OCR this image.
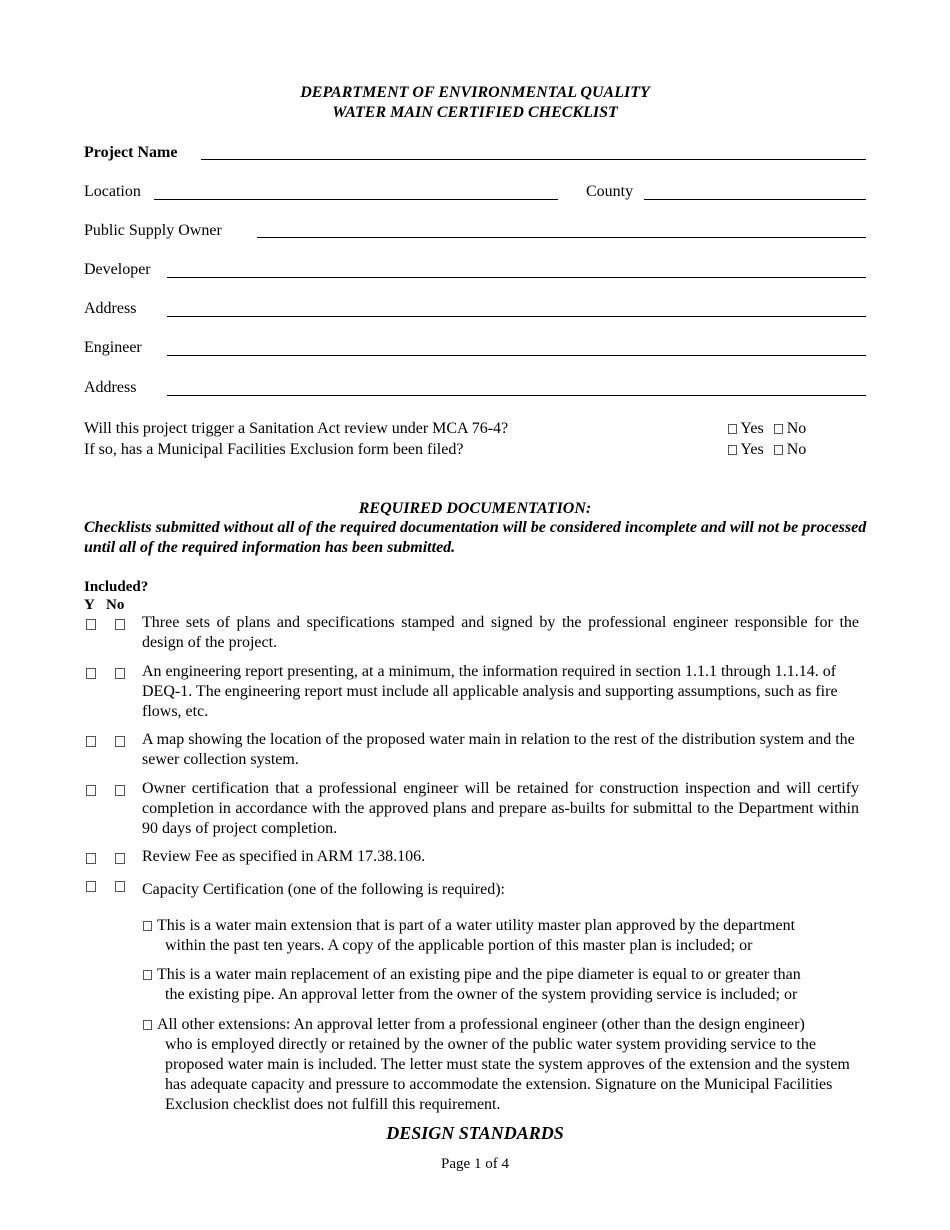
DEPARTMENT OF ENVIRONMENTAL QUALITY
WATER MAIN CERTIFIED CHECKLIST
Project Name
Location	County
Public Supply Owner
Developer
Address
Engineer
Address
Will this project trigger a Sanitation Act review under MCA 76-4?	Yes No
If so, has a Municipal Facilities Exclusion form been filed?	Yes No
REQUIRED DOCUMENTATION:
Checklists submitted without all of the required documentation will be considered incomplete and will not be processed until all of the required information has been submitted.
Included?
Y No
Three sets of plans and specifications stamped and signed by the professional engineer responsible for the design of the project.
An engineering report presenting, at a minimum, the information required in section 1.1.1 through 1.1.14. of DEQ-1. The engineering report must include all applicable analysis and supporting assumptions, such as fire flows, etc.
A map showing the location of the proposed water main in relation to the rest of the distribution system and the sewer collection system.
Owner certification that a professional engineer will be retained for construction inspection and will certify completion in accordance with the approved plans and prepare as-builts for submittal to the Department within 90 days of project completion.
Review Fee as specified in ARM 17.38.106.
Capacity Certification (one of the following is required):
This is a water main extension that is part of a water utility master plan approved by the department
within the past ten years. A copy of the applicable portion of this master plan is included; or
This is a water main replacement of an existing pipe and the pipe diameter is equal to or greater than
the existing pipe. An approval letter from the owner of the system providing service is included; or
All other extensions: An approval letter from a professional engineer (other than the design engineer)
who is employed directly or retained by the owner of the public water system providing service to the proposed water main is included. The letter must state the system approves of the extension and the system has adequate capacity and pressure to accommodate the extension. Signature on the Municipal Facilities Exclusion checklist does not fulfill this requirement.
DESIGN STANDARDS
Page 1 of 4
